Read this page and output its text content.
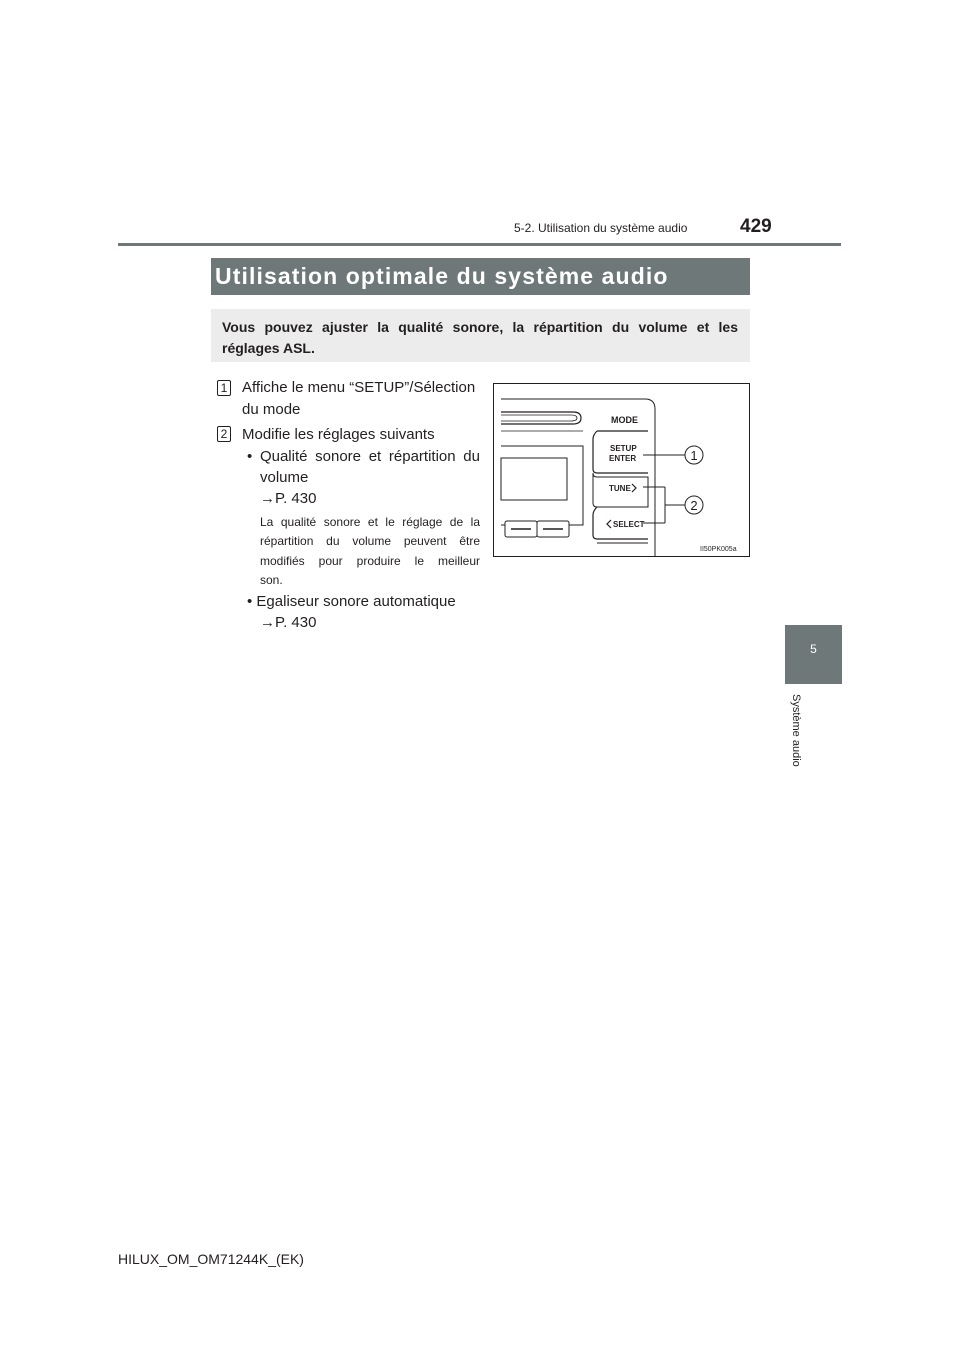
5-2. Utilisation du système audio	429
Utilisation optimale du système audio
Vous pouvez ajuster la qualité sonore, la répartition du volume et les réglages ASL.
1 Affiche le menu “SETUP”/Sélection
du mode
2 Modifie les réglages suivants
• Qualité sonore et répartition du
volume
→P. 430
La qualité sonore et le réglage de la
répartition du volume peuvent être
modifiés pour produire le meilleur
son.
• Egaliseur sonore automatique
→P. 430
MODE
SETUP
ENTER
TUNE
SELECT
1
2
II50PK005a
5
Système audio
HILUX_OM_OM71244K_(EK)
